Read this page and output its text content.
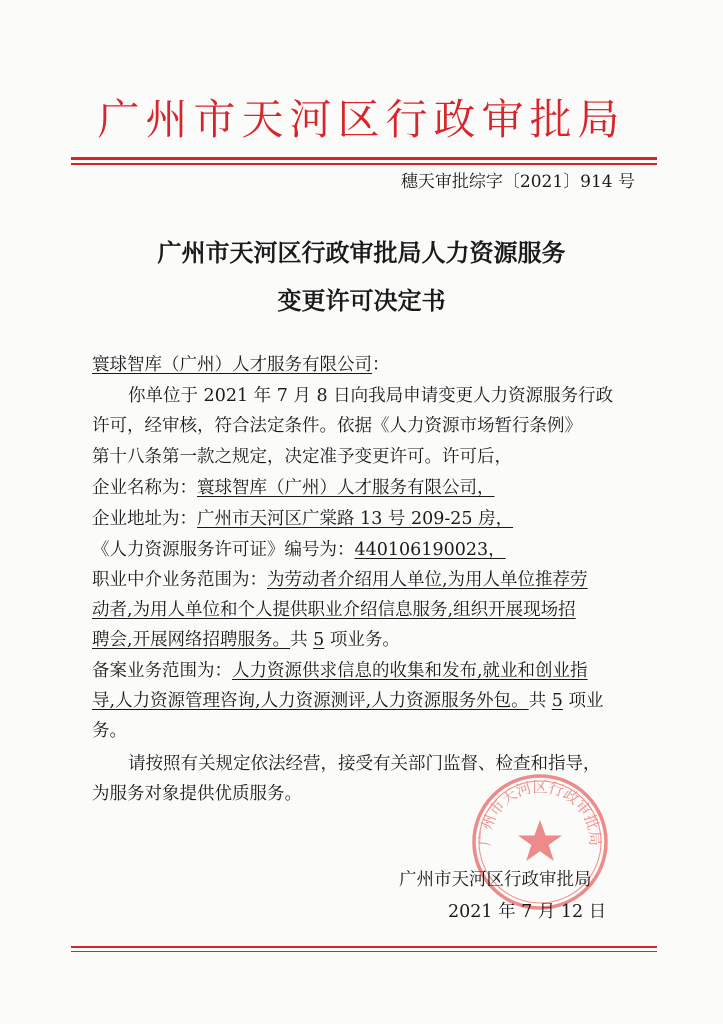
广州市天河区行政审批局
穗天审批综字〔2021〕914 号
广州市天河区行政审批局人力资源服务
变更许可决定书
寰球智库（广州）人才服务有限公司：
你单位于 2021 年 7 月 8 日向我局申请变更人力资源服务行政
许可，经审核，符合法定条件。依据《人力资源市场暂行条例》
第十八条第一款之规定，决定准予变更许可。许可后，
企业名称为：寰球智库（广州）人才服务有限公司，
企业地址为：广州市天河区广棠路 13 号 209-25 房，
《人力资源服务许可证》编号为：440106190023，
职业中介业务范围为：为劳动者介绍用人单位,为用人单位推荐劳
动者,为用人单位和个人提供职业介绍信息服务,组织开展现场招
聘会,开展网络招聘服务。共 5 项业务。
备案业务范围为：人力资源供求信息的收集和发布,就业和创业指
导,人力资源管理咨询,人力资源测评,人力资源服务外包。共 5 项业
务。
请按照有关规定依法经营，接受有关部门监督、检查和指导，
为服务对象提供优质服务。
广州市天河区行政审批局
广州市天河区行政审批局
2021 年 7 月 12 日
